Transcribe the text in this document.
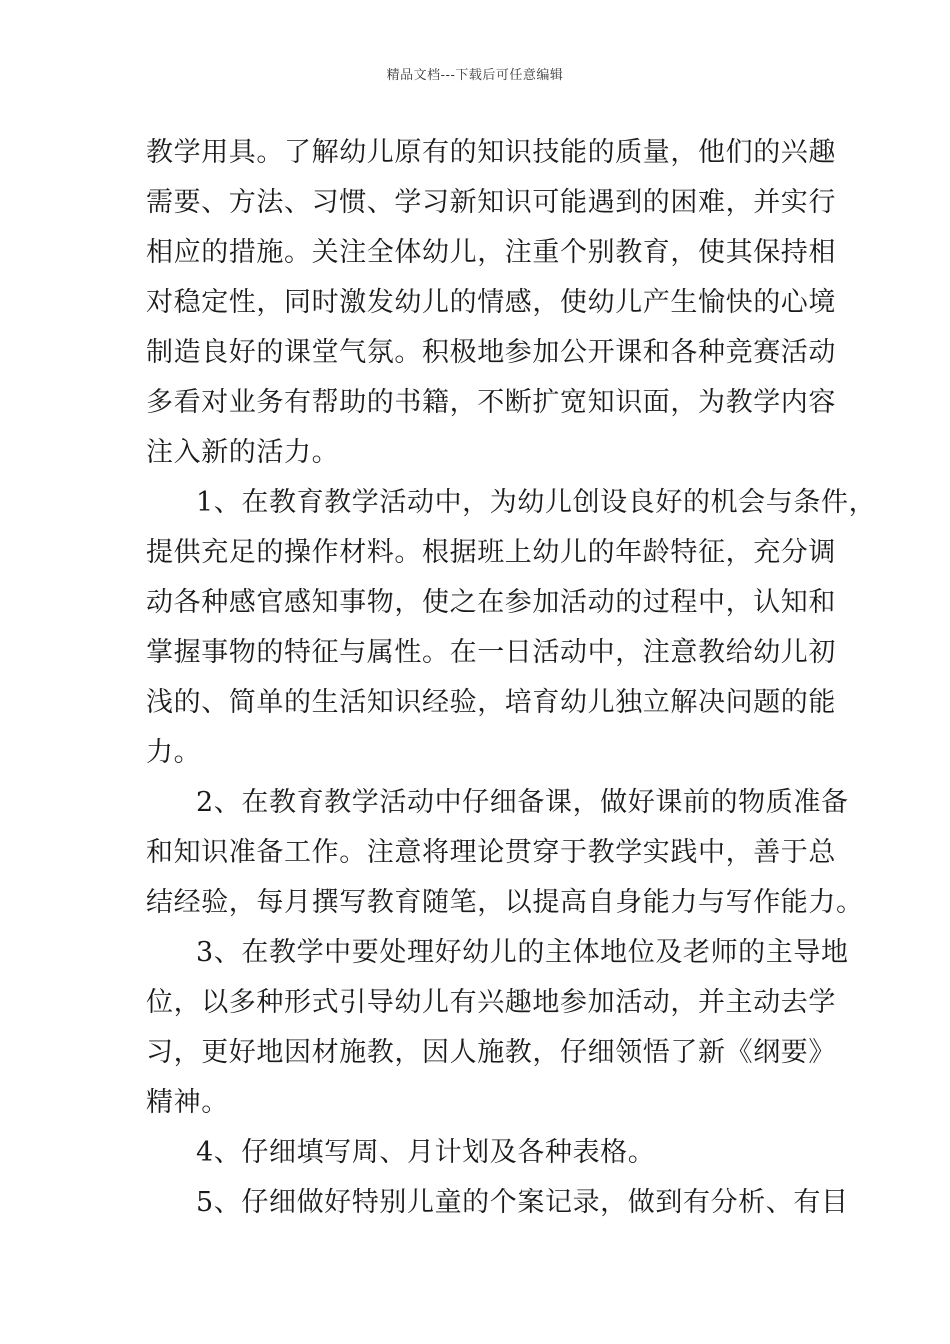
精品文档---下载后可任意编辑
教学用具。了解幼儿原有的知识技能的质量，他们的兴趣
需要、方法、习惯、学习新知识可能遇到的困难，并实行
相应的措施。关注全体幼儿，注重个别教育，使其保持相
对稳定性，同时激发幼儿的情感，使幼儿产生愉快的心境
制造良好的课堂气氛。积极地参加公开课和各种竞赛活动
多看对业务有帮助的书籍，不断扩宽知识面，为教学内容
注入新的活力。
1、在教育教学活动中，为幼儿创设良好的机会与条件，
提供充足的操作材料。根据班上幼儿的年龄特征，充分调
动各种感官感知事物，使之在参加活动的过程中，认知和
掌握事物的特征与属性。在一日活动中，注意教给幼儿初
浅的、简单的生活知识经验，培育幼儿独立解决问题的能
力。
2、在教育教学活动中仔细备课，做好课前的物质准备
和知识准备工作。注意将理论贯穿于教学实践中，善于总
结经验，每月撰写教育随笔，以提高自身能力与写作能力。
3、在教学中要处理好幼儿的主体地位及老师的主导地
位，以多种形式引导幼儿有兴趣地参加活动，并主动去学
习，更好地因材施教，因人施教，仔细领悟了新《纲要》
精神。
4、仔细填写周、月计划及各种表格。
5、仔细做好特别儿童的个案记录，做到有分析、有目
